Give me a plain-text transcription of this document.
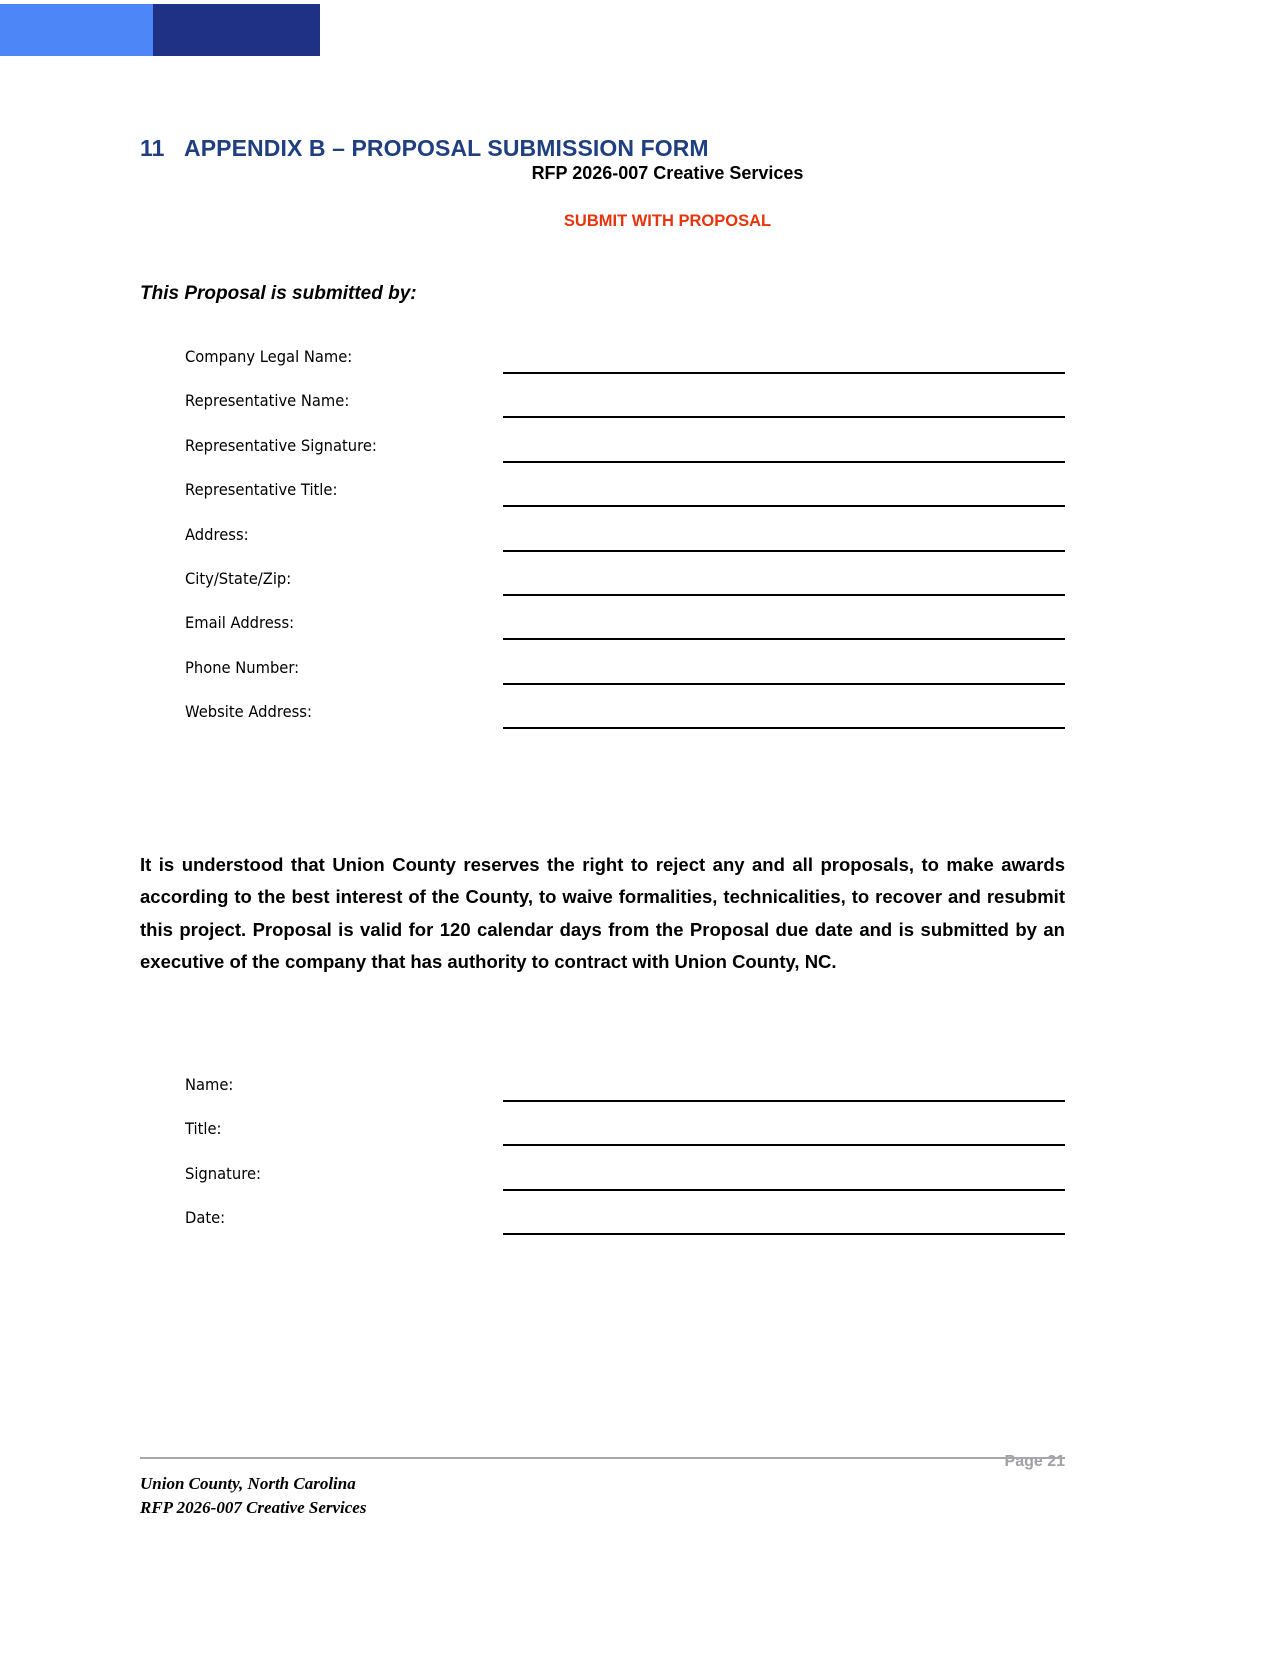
11 APPENDIX B – PROPOSAL SUBMISSION FORM
RFP 2026-007 Creative Services
SUBMIT WITH PROPOSAL
This Proposal is submitted by:
Company Legal Name:
Representative Name:
Representative Signature:
Representative Title:
Address:
City/State/Zip:
Email Address:
Phone Number:
Website Address:

It is understood that Union County reserves the right to reject any and all proposals, to make awards according to the best interest of the County, to waive formalities, technicalities, to recover and resubmit this project. Proposal is valid for 120 calendar days from the Proposal due date and is submitted by an executive of the company that has authority to contract with Union County, NC.

Name:
Title:
Signature:
Date:
Page 21
Union County, North Carolina
RFP 2026-007 Creative Services
